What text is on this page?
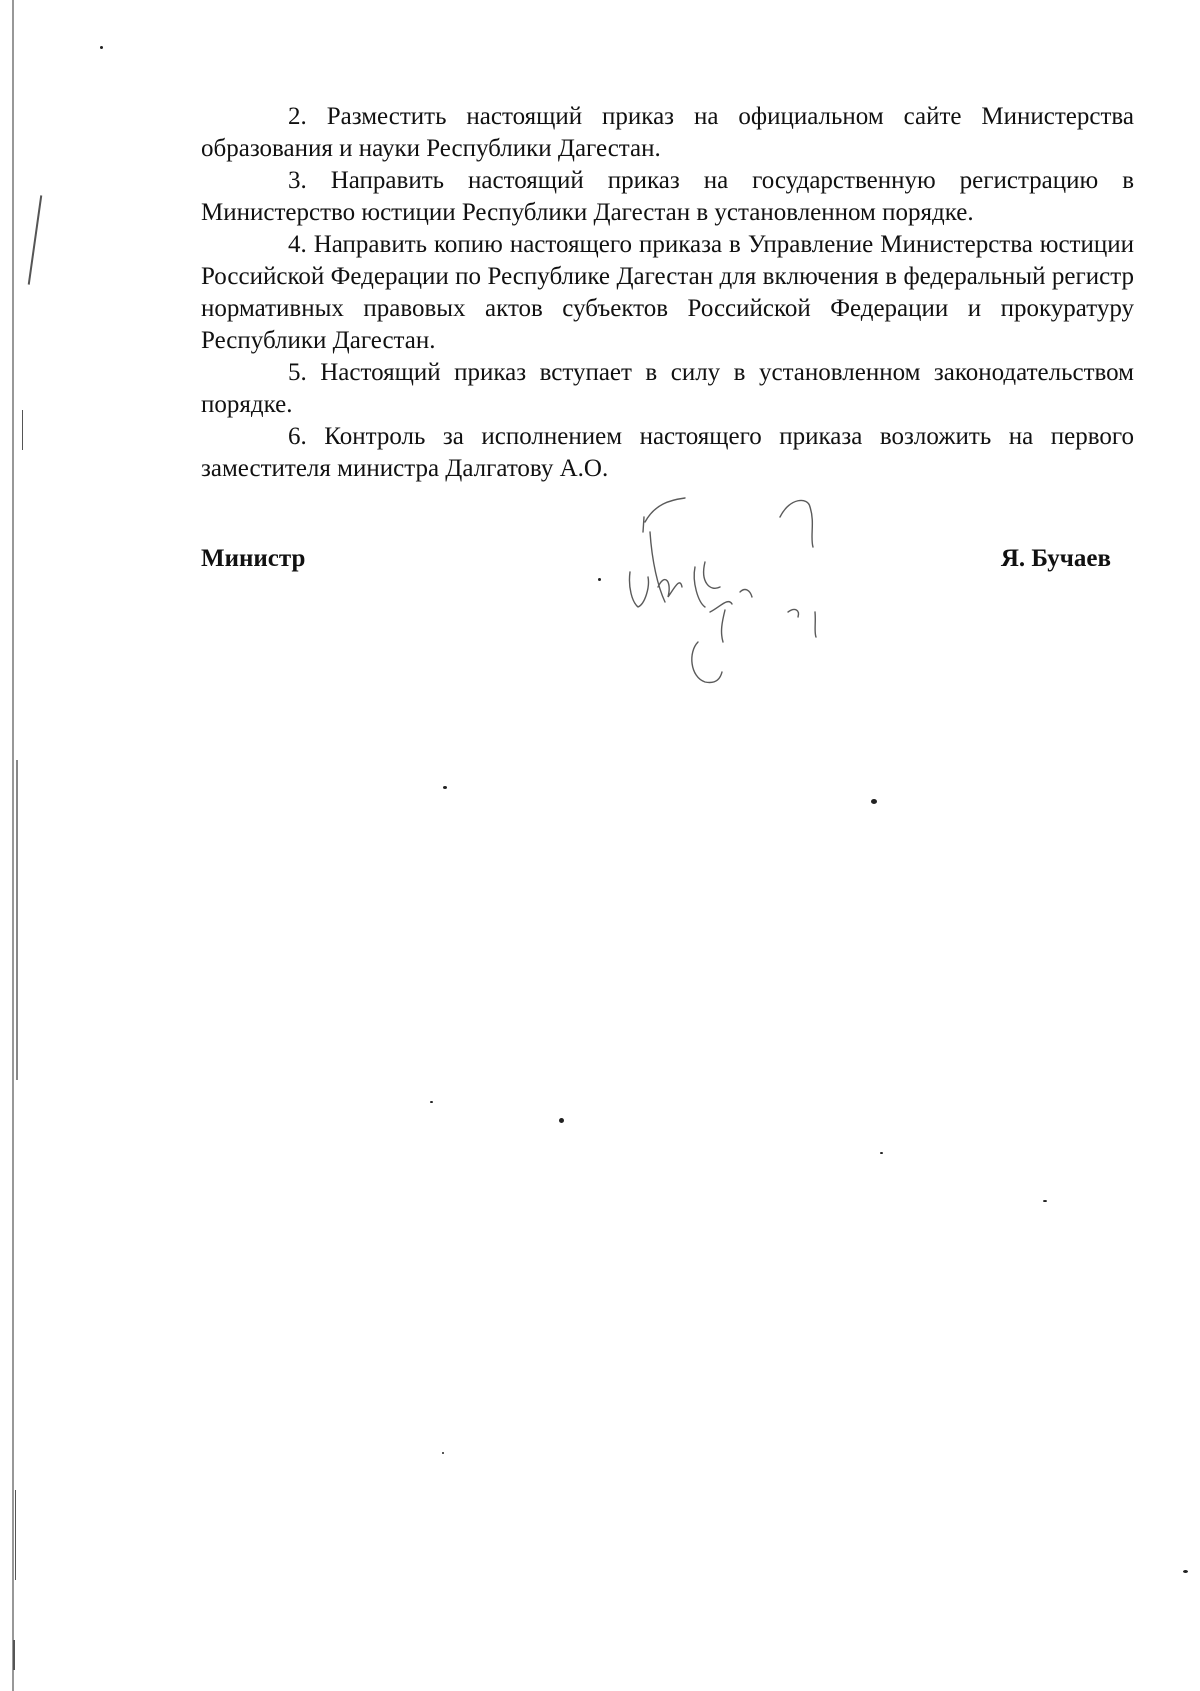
2. Разместить настоящий приказ на официальном сайте Министерства образования и науки Республики Дагестан.

3. Направить настоящий приказ на государственную регистрацию в Министерство юстиции Республики Дагестан в установленном порядке.

4. Направить копию настоящего приказа в Управление Министерства юстиции Российской Федерации по Республике Дагестан для включения в федеральный регистр нормативных правовых актов субъектов Российской Федерации и прокуратуру Республики Дагестан.

5. Настоящий приказ вступает в силу в установленном законодательством порядке.

6. Контроль за исполнением настоящего приказа возложить на первого заместителя министра Далгатову А.О.

Министр	Я. Бучаев
